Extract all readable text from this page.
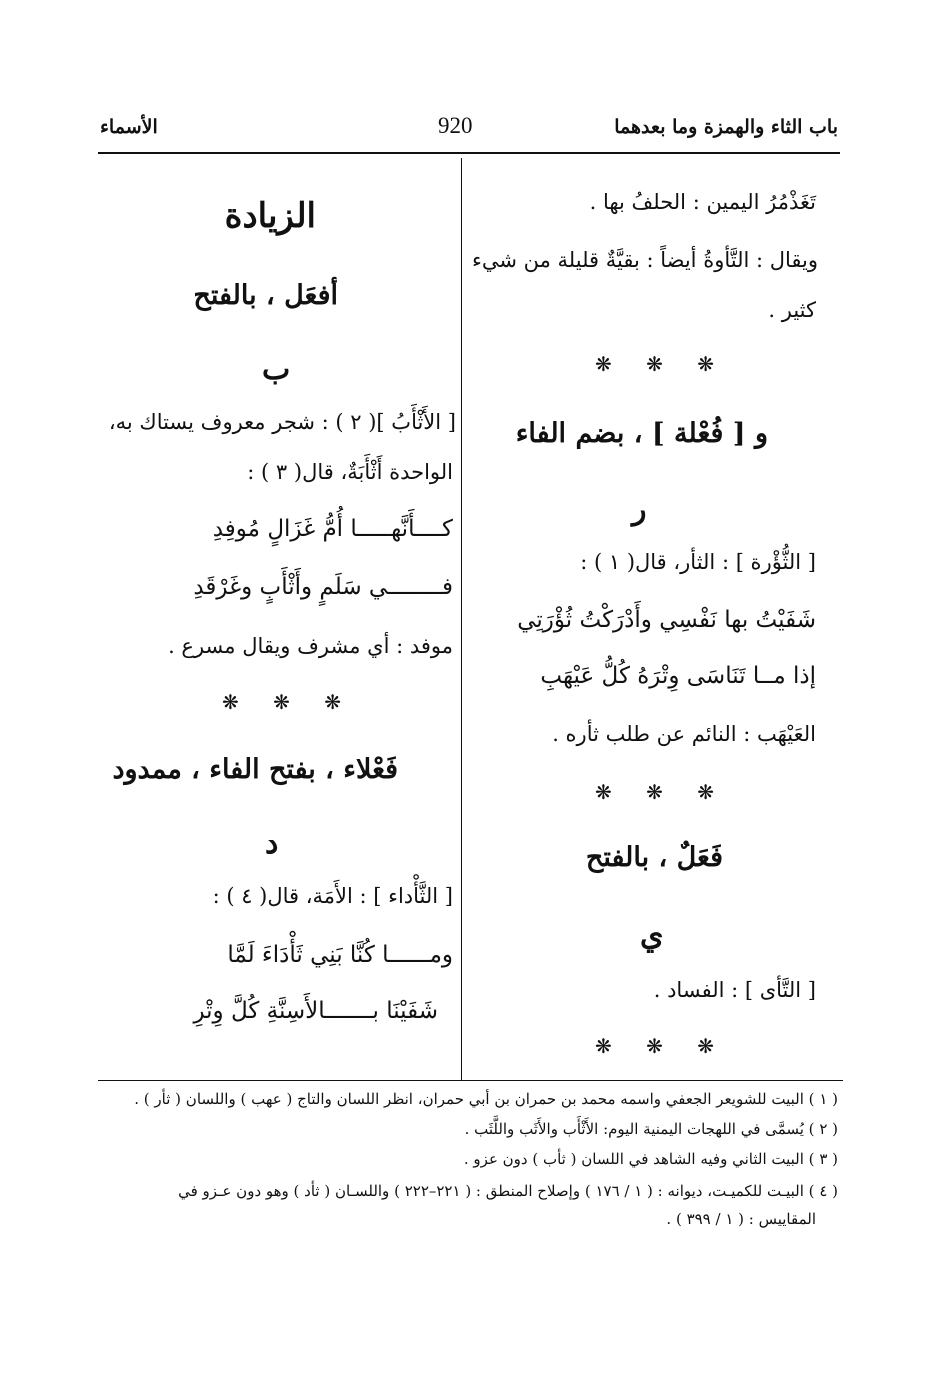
باب الثاء والهمزة وما بعدهما
920
الأسماء
تَغَذْمُرُ اليمين : الحلفُ بها .
ويقال : التَّأوةُ أيضاً : بقيَّةٌ قليلة من شيء
كثير .
❋ ❋ ❋
و [ فُعْلة ] ، بضم الفاء
ر
[ الثُّؤْرة ] : الثأر، قال( ١ ) :
شَفَيْتُ بها نَفْسِي وأَدْرَكْتُ ثُؤْرَتِي
إذا مــا تَنَاسَى وِتْرَهُ كُلُّ عَيْهَبِ
العَيْهَب : النائم عن طلب ثأره .
❋ ❋ ❋
فَعَلٌ ، بالفتح
ي
[ التَّأى ] : الفساد .
❋ ❋ ❋
الزيادة
أفعَل ، بالفتح
ب
[ الأَثْأَبُ ]( ٢ ) : شجر معروف يستاك به،
الواحدة أَثْأَبَةٌ، قال( ٣ ) :
كــــأَنَّهـــــا أُمُّ غَزَالٍ مُوفِدِ
فــــــــي سَلَمٍ وأَثْأَبٍ وغَرْقَدِ
موفد : أي مشرف ويقال مسرع .
❋ ❋ ❋
فَعْلاء ، بفتح الفاء ، ممدود
د
[ الثَّأْداء ] : الأَمَة، قال( ٤ ) :
ومــــــا كُنَّا بَنِي ثَأْدَاءَ لَمَّا
شَفَيْنَا بـــــــالأَسِنَّةِ كُلَّ وِتْرِ
( ١ ) البيت للشويعر الجعفي واسمه محمد بن حمران بن أبي حمران، انظر اللسان والتاج ( عهب ) واللسان ( ثأر ) .
( ٢ ) يُسمَّى في اللهجات اليمنية اليوم: الأَثْأَب والأَثَب واللَّثَب .
( ٣ ) البيت الثاني وفيه الشاهد في اللسان ( ثأب ) دون عزو .
( ٤ ) البيـت للكميـت، ديوانه : ( ١ / ١٧٦ ) وإصلاح المنطق : ( ٢٢١–٢٢٢ ) واللسـان ( ثأد ) وهو دون عـزو في
المقاييس : ( ١ / ٣٩٩ ) .
